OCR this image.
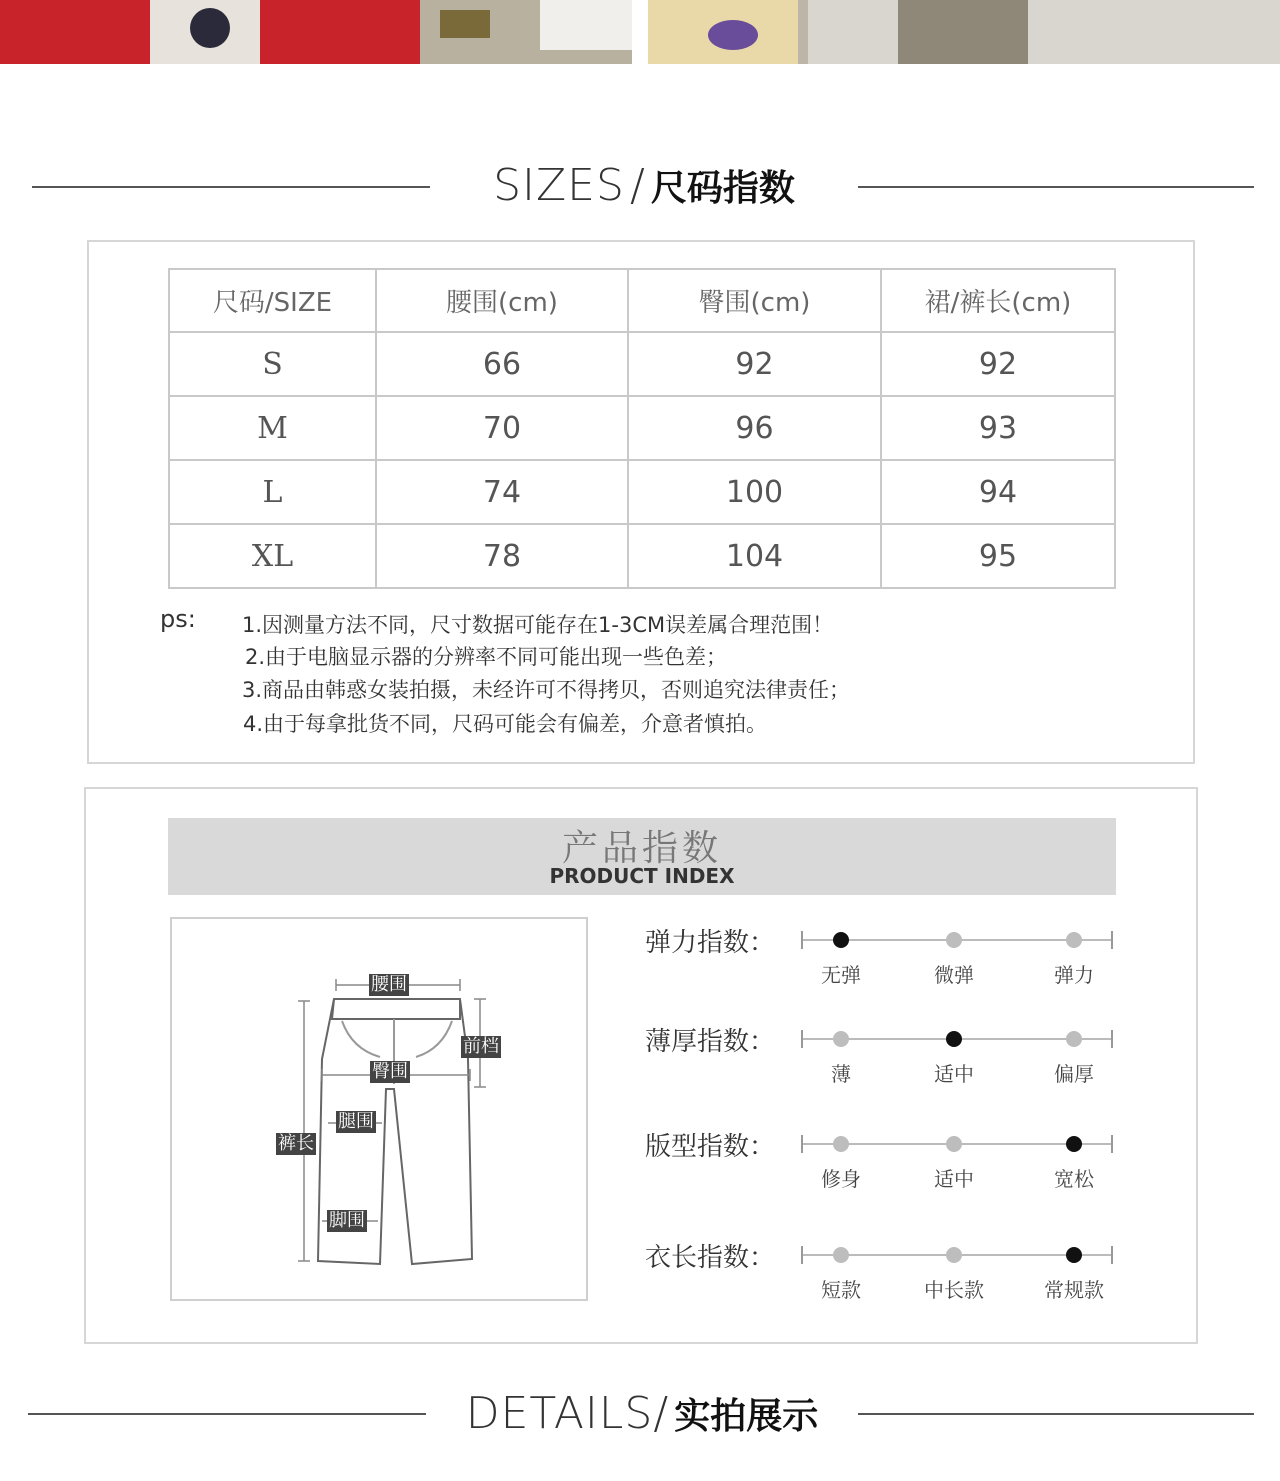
SIZES / 尺码指数
尺码/SIZE	腰围(cm)	臀围(cm)	裙/裤长(cm)
S	66	92	92
M	70	96	93
L	74	100	94
XL	78	104	95
ps: 1.因测量方法不同，尺寸数据可能存在1-3CM误差属合理范围！
2.由于电脑显示器的分辨率不同可能出现一些色差；
3.商品由韩惑女装拍摄，未经许可不得拷贝，否则追究法律责任；
4.由于每拿批货不同，尺码可能会有偏差，介意者慎拍。
产品指数
PRODUCT INDEX
腰围
前档
臀围
腿围
裤长
脚围
弹力指数：
无弹	微弹	弹力
薄厚指数：
薄	适中	偏厚
版型指数：
修身	适中	宽松
衣长指数：
短款	中长款	常规款
DETAILS/ 实拍展示
